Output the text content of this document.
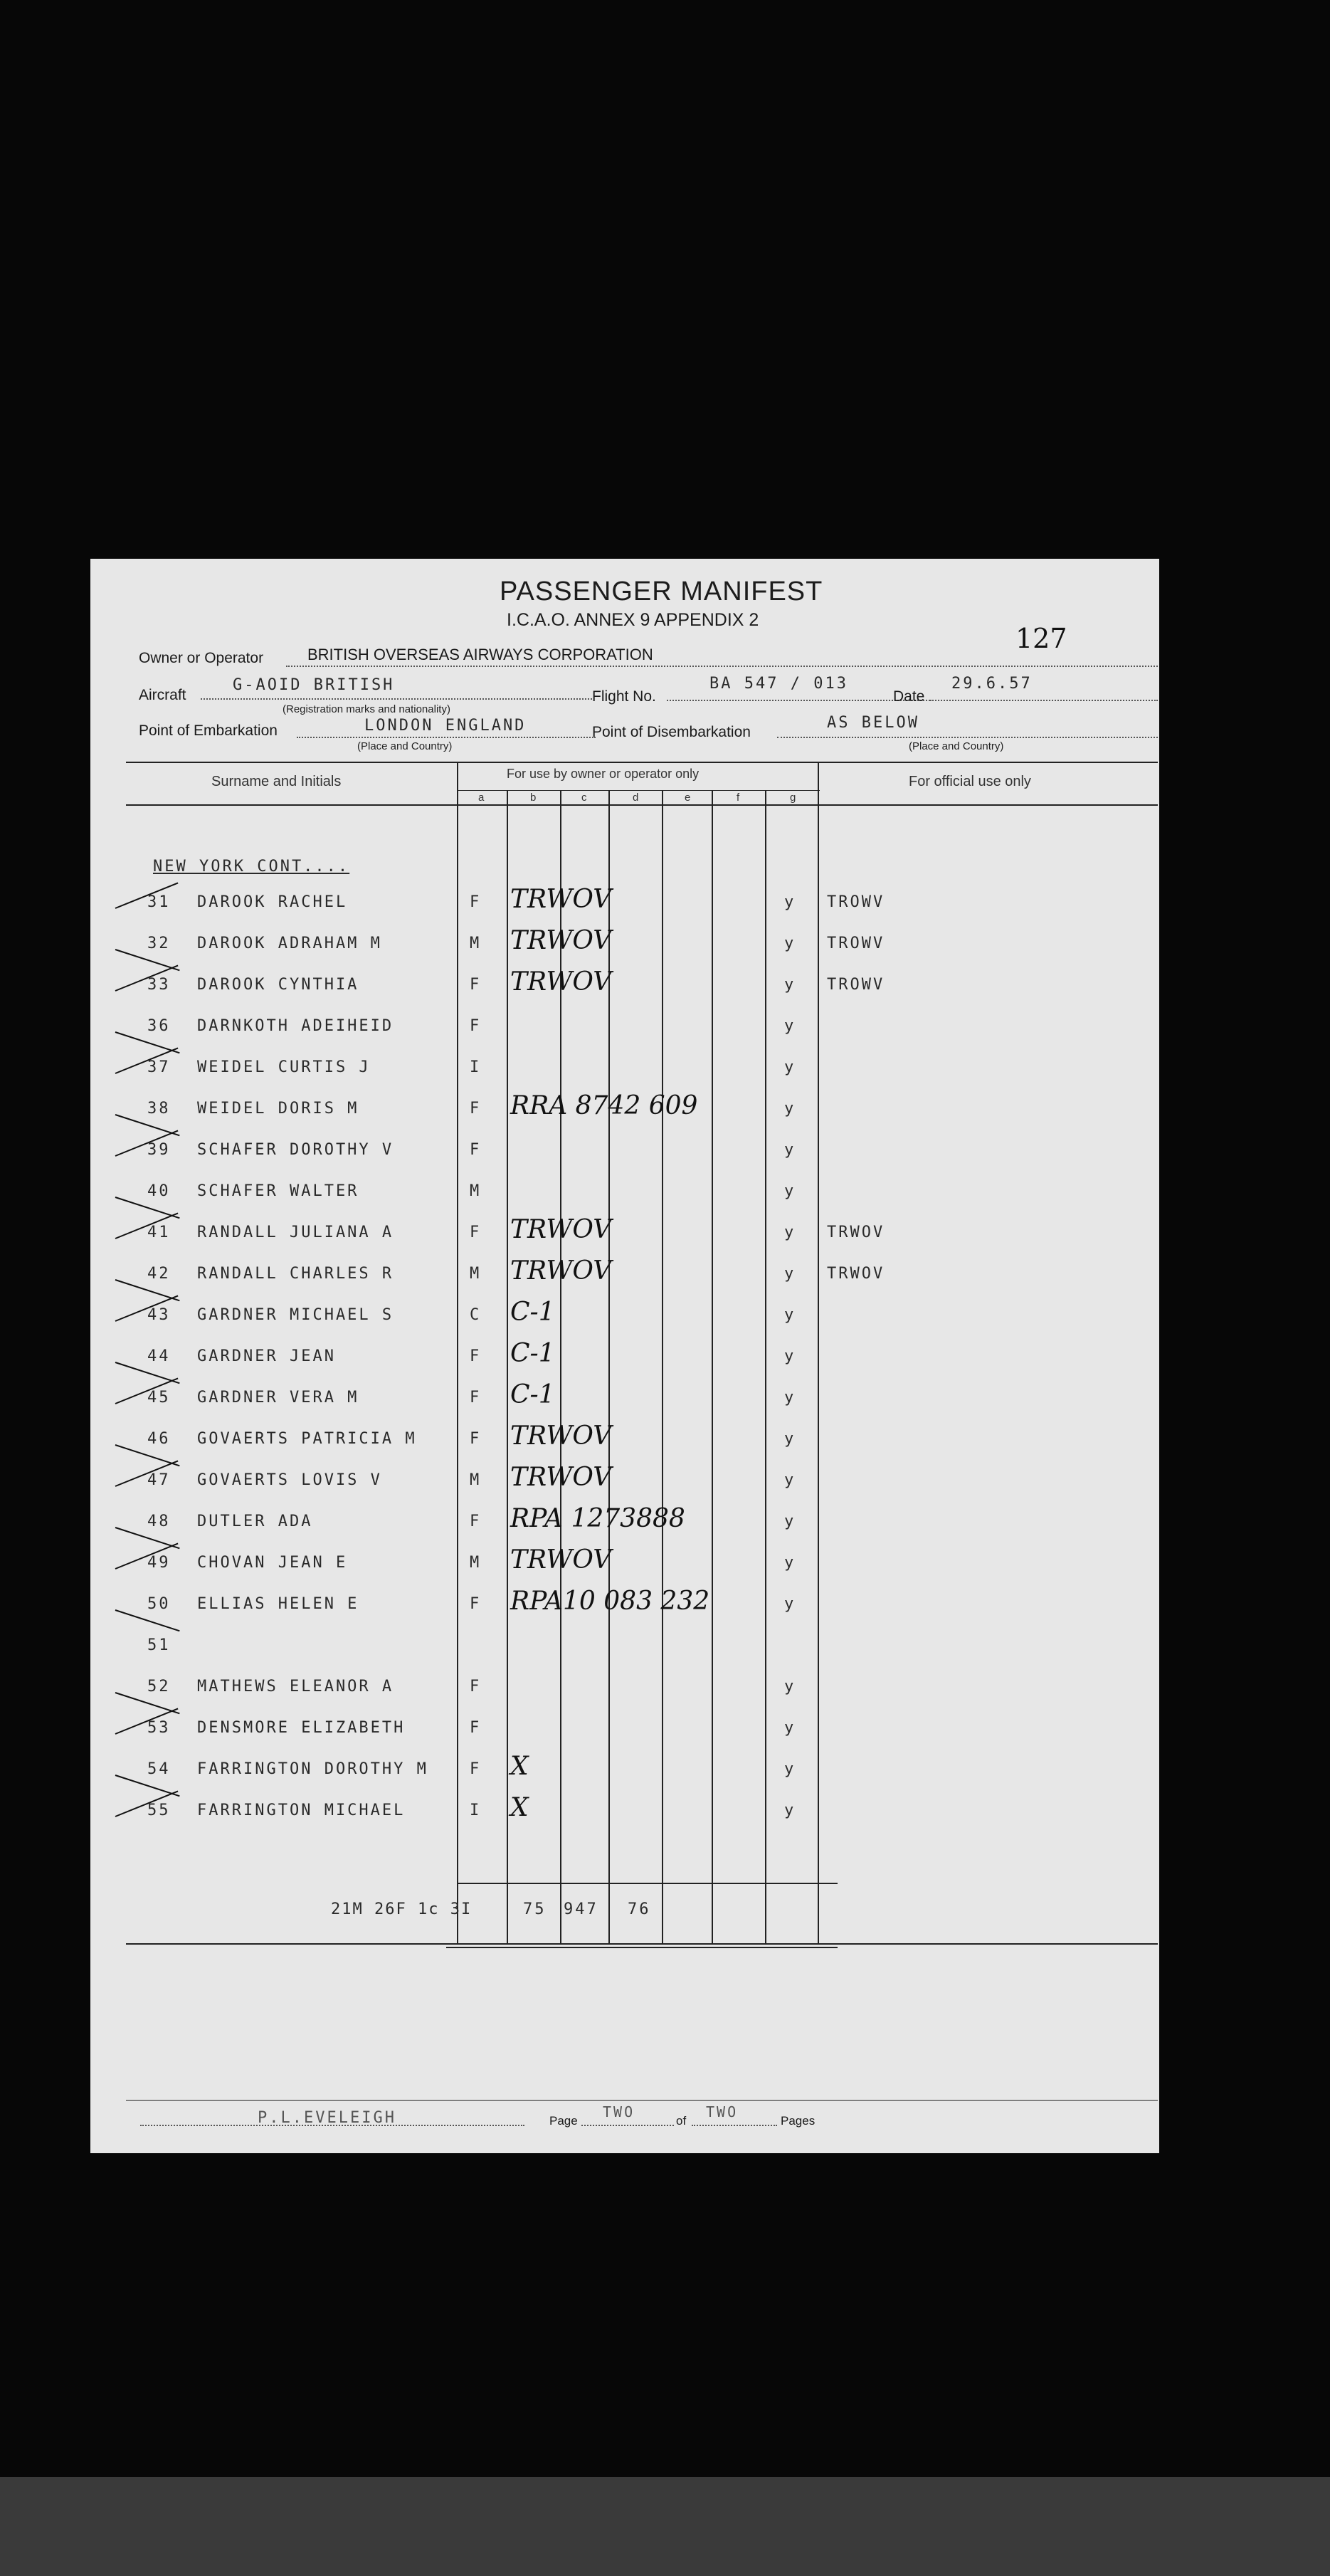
PASSENGER MANIFEST
I.C.A.O. ANNEX 9 APPENDIX 2
127
Owner or Operator	BRITISH OVERSEAS AIRWAYS CORPORATION
Aircraft
G-AOID BRITISH
(Registration marks and nationality)
Flight No.
BA 547 / 013
Date
29.6.57
Point of Embarkation	LONDON ENGLAND
(Place and Country)
Point of Disembarkation
AS BELOW
(Place and Country)
Surname and Initials	For use by owner or operator only	For official use only
a	b	c	d	e	f	g
NEW YORK CONT....
31	DAROOK RACHEL	F TRWOV	y TROWV
32	DAROOK ADRAHAM M	M TRWOV	y TROWV
33	DAROOK CYNTHIA	F TRWOV	y TROWV
36	DARNKOTH ADEIHEID	F	y
37	WEIDEL CURTIS J	I	y
38	WEIDEL DORIS M	F RRA 8742 609	y
39	SCHAFER DOROTHY V	F	y
40	SCHAFER WALTER	M	y
41	RANDALL JULIANA A	F TRWOV	y TRWOV
42	RANDALL CHARLES R	M TRWOV	y TRWOV
43	GARDNER MICHAEL S	C C-1	y
44	GARDNER JEAN	F C-1	y
45	GARDNER VERA M	F C-1	y
46	GOVAERTS PATRICIA M	F TRWOV	y
47	GOVAERTS LOVIS V	M TRWOV	y
48	DUTLER ADA	F RPA 1273888	y
49	CHOVAN JEAN E	M TRWOV	y
50	ELLIAS HELEN E	F RPA10 083 232	y
51
52	MATHEWS ELEANOR A	F	y
53	DENSMORE ELIZABETH	F	y
54	FARRINGTON DOROTHY M	F X	y
55	FARRINGTON MICHAEL	I X	y
21M 26F 1c 3I	75 947 76
P.L.EVELEIGH	Page
TWO
of
TWO
Pages
